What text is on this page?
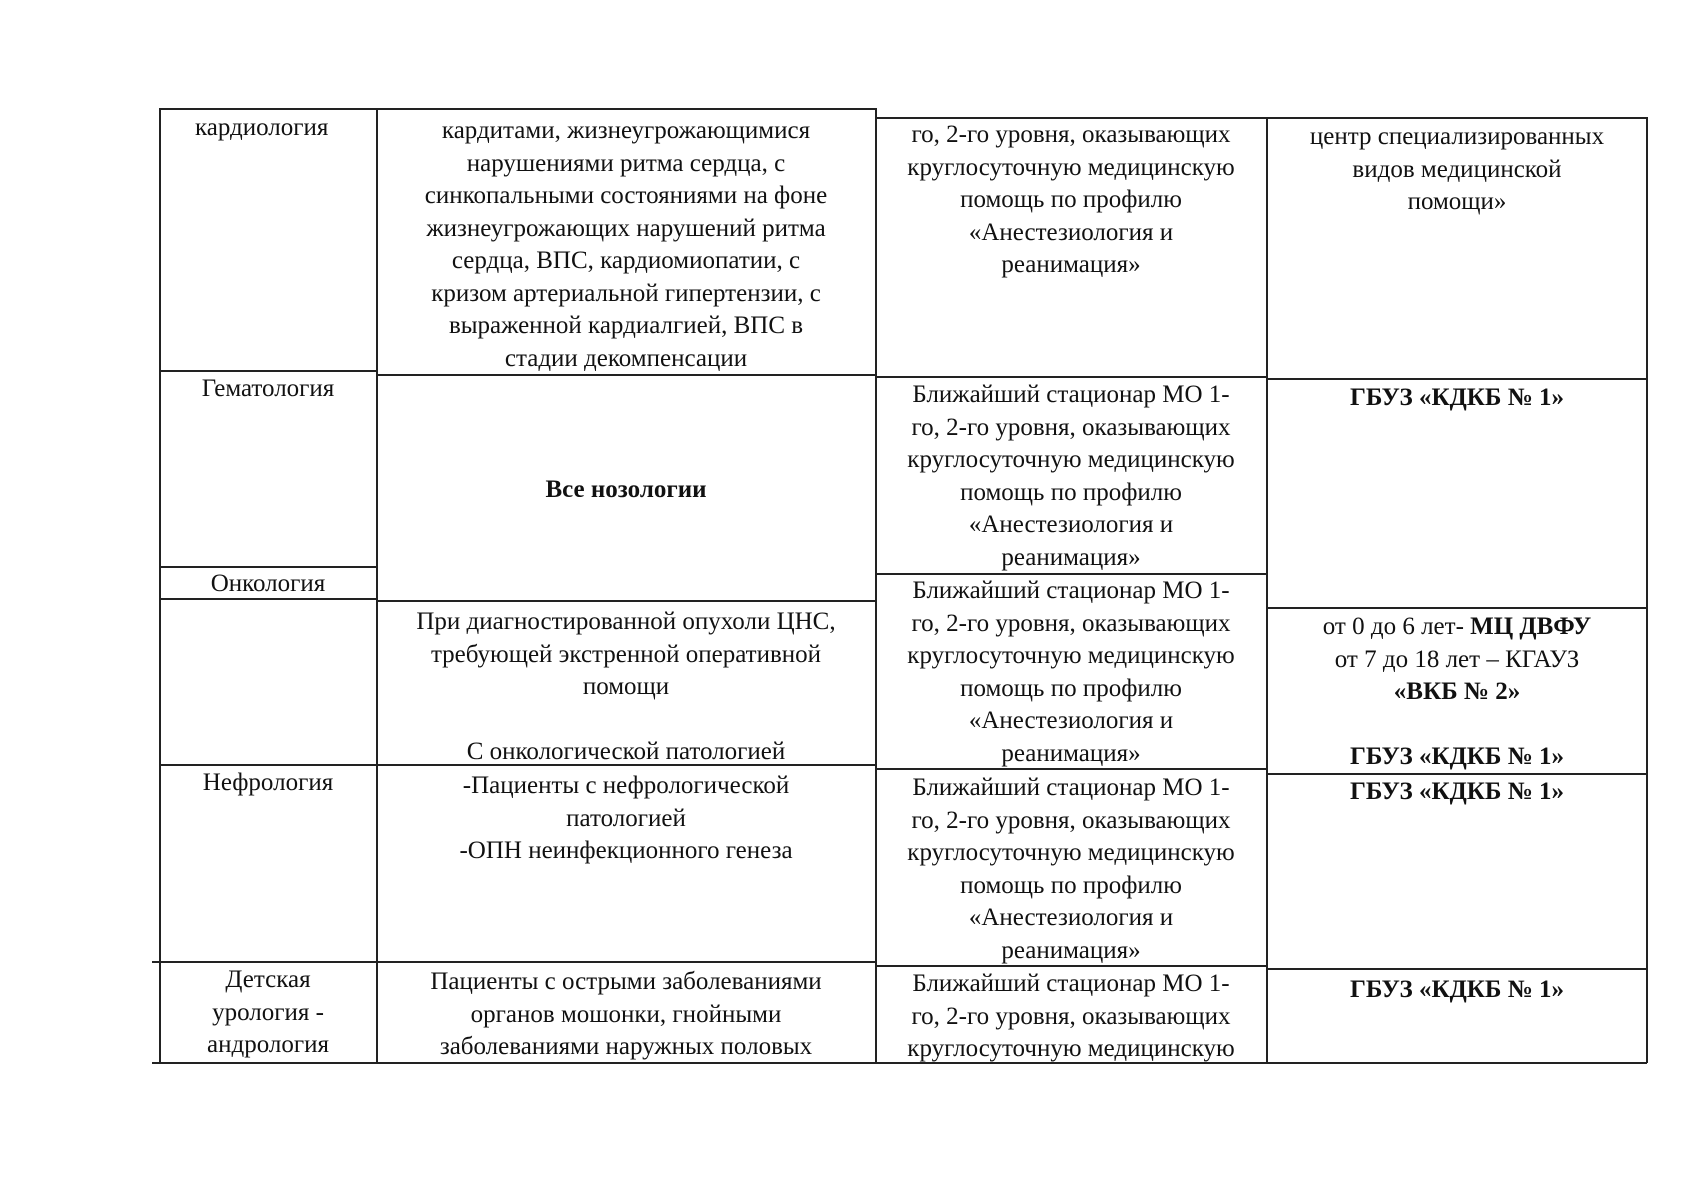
кардиология	кардитами, жизнеугрожающимися
нарушениями ритма сердца, с
синкопальными состояниями на фоне
жизнеугрожающих нарушений ритма
сердца, ВПС, кардиомиопатии, с
кризом артериальной гипертензии, с
выраженной кардиалгией, ВПС в
стадии декомпенсации
го, 2-го уровня, оказывающих
круглосуточную медицинскую
помощь по профилю
«Анестезиология и
реанимация»
центр специализированных
видов медицинской
помощи»
Гематология
Все нозологии
Ближайший стационар МО 1-
го, 2-го уровня, оказывающих
круглосуточную медицинскую
помощь по профилю
«Анестезиология и
реанимация»
ГБУЗ «КДКБ № 1»
Онкология
При диагностированной опухоли ЦНС,
требующей экстренной оперативной
помощи

С онкологической патологией
Ближайший стационар МО 1-
го, 2-го уровня, оказывающих
круглосуточную медицинскую
помощь по профилю
«Анестезиология и
реанимация»
от 0 до 6 лет- МЦ ДВФУ
от 7 до 18 лет – КГАУЗ
«ВКБ № 2»

ГБУЗ «КДКБ № 1»
Нефрология	-Пациенты с нефрологической
патологией
-ОПН неинфекционного генеза
Ближайший стационар МО 1-
го, 2-го уровня, оказывающих
круглосуточную медицинскую
помощь по профилю
«Анестезиология и
реанимация»
ГБУЗ «КДКБ № 1»
Детская
урология -
андрология
Пациенты с острыми заболеваниями
органов мошонки, гнойными
заболеваниями наружных половых
Ближайший стационар МО 1-
го, 2-го уровня, оказывающих
круглосуточную медицинскую
ГБУЗ «КДКБ № 1»
